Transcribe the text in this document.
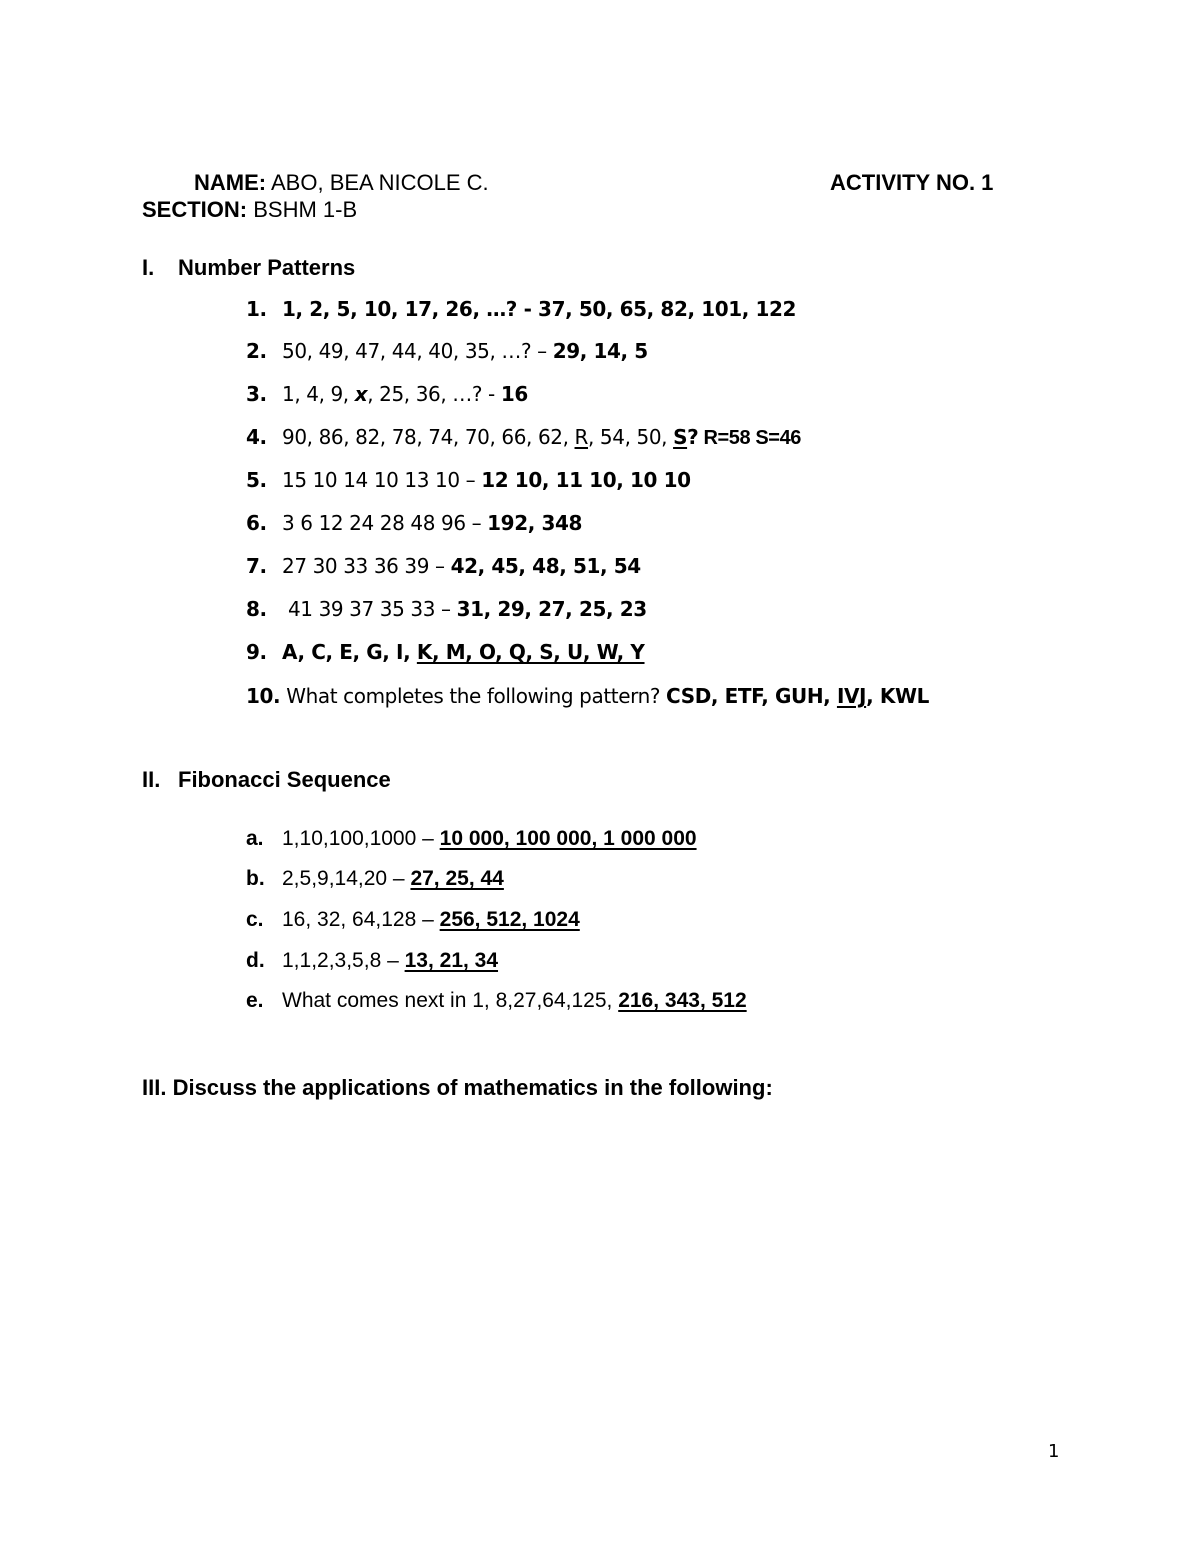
NAME: ABO, BEA NICOLE C.	ACTIVITY NO. 1
SECTION: BSHM 1-B
I. Number Patterns
1. 1, 2, 5, 10, 17, 26, …? - 37, 50, 65, 82, 101, 122
2. 50, 49, 47, 44, 40, 35, …? – 29, 14, 5
3. 1, 4, 9, x, 25, 36, …? - 16
4. 90, 86, 82, 78, 74, 70, 66, 62, R, 54, 50, S? R=58 S=46
5. 15 10 14 10 13 10 – 12 10, 11 10, 10 10
6. 3 6 12 24 28 48 96 – 192, 348
7. 27 30 33 36 39 – 42, 45, 48, 51, 54
8. 41 39 37 35 33 – 31, 29, 27, 25, 23
9. A, C, E, G, I, K, M, O, Q, S, U, W, Y
10. What completes the following pattern? CSD, ETF, GUH, IVJ, KWL
II. Fibonacci Sequence
a. 1,10,100,1000 – 10 000, 100 000, 1 000 000
b. 2,5,9,14,20 – 27, 25, 44
c. 16, 32, 64,128 – 256, 512, 1024
d. 1,1,2,3,5,8 – 13, 21, 34
e. What comes next in 1, 8,27,64,125, 216, 343, 512
III. Discuss the applications of mathematics in the following:
1
